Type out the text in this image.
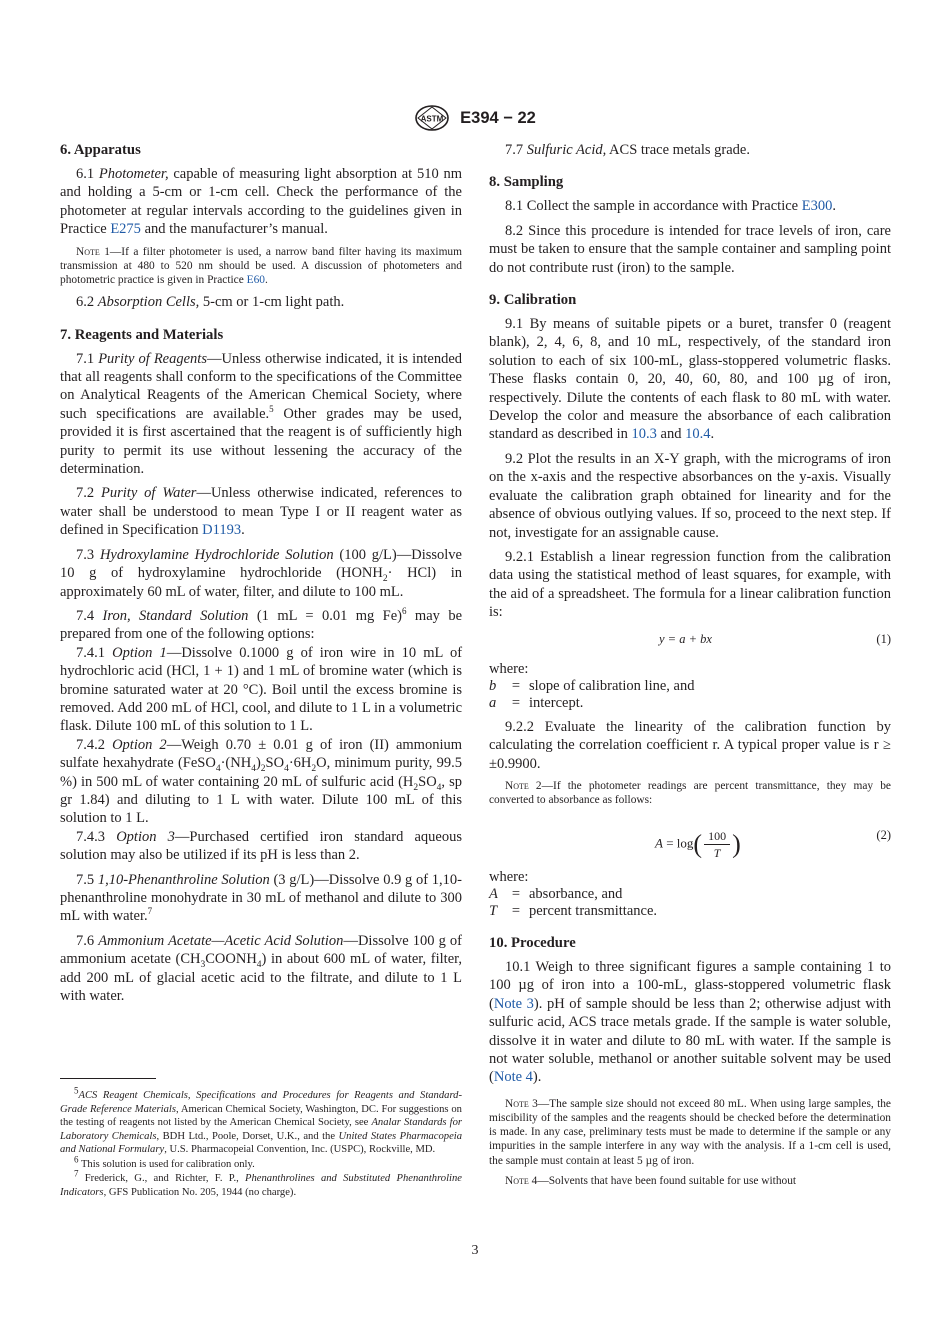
ASTM E394 − 22

6. Apparatus

6.1 Photometer, capable of measuring light absorption at 510 nm and holding a 5-cm or 1-cm cell. Check the performance of the photometer at regular intervals according to the guidelines given in Practice E275 and the manufacturer’s manual.

Note 1—If a filter photometer is used, a narrow band filter having its maximum transmission at 480 to 520 nm should be used. A discussion of photometers and photometric practice is given in Practice E60.

6.2 Absorption Cells, 5-cm or 1-cm light path.

7. Reagents and Materials

7.1 Purity of Reagents—Unless otherwise indicated, it is intended that all reagents shall conform to the specifications of the Committee on Analytical Reagents of the American Chemical Society, where such specifications are available.$^5$ Other grades may be used, provided it is first ascertained that the reagent is of sufficiently high purity to permit its use without lessening the accuracy of the determination.

7.2 Purity of Water—Unless otherwise indicated, references to water shall be understood to mean Type I or II reagent water as defined in Specification D1193.

7.3 Hydroxylamine Hydrochloride Solution (100 g/L)—Dissolve 10 g of hydroxylamine hydrochloride $(HONH_2\cdot HCl)$ in approximately 60 mL of water, filter, and dilute to 100 mL.

7.4 Iron, Standard Solution (1 mL = 0.01 mg Fe)$^6$ may be prepared from one of the following options:

7.4.1 Option 1—Dissolve 0.1000 g of iron wire in 10 mL of hydrochloric acid (HCl, 1 + 1) and 1 mL of bromine water (which is bromine saturated water at 20 °C). Boil until the excess bromine is removed. Add 200 mL of HCl, cool, and dilute to 1 L in a volumetric flask. Dilute 100 mL of this solution to 1 L.

7.4.2 Option 2—Weigh 0.70 ± 0.01 g of iron (II) ammonium sulfate hexahydrate ($FeSO_4\cdot(NH_4)_2SO_4\cdot 6H_2O$, minimum purity, 99.5 %) in 500 mL of water containing 20 mL of sulfuric acid ($H_2SO_4$, sp gr 1.84) and diluting to 1 L with water. Dilute 100 mL of this solution to 1 L.

7.4.3 Option 3—Purchased certified iron standard aqueous solution may also be utilized if its pH is less than 2.

7.5 1,10-Phenanthroline Solution (3 g/L)—Dissolve 0.9 g of 1,10-phenanthroline monohydrate in 30 mL of methanol and dilute to 300 mL with water.$^7$

7.6 Ammonium Acetate—Acetic Acid Solution—Dissolve 100 g of ammonium acetate $(CH_3COONH_4)$ in about 600 mL of water, filter, add 200 mL of glacial acetic acid to the filtrate, and dilute to 1 L with water.

$^5$ACS Reagent Chemicals, Specifications and Procedures for Reagents and Standard-Grade Reference Materials, American Chemical Society, Washington, DC. For suggestions on the testing of reagents not listed by the American Chemical Society, see Analar Standards for Laboratory Chemicals, BDH Ltd., Poole, Dorset, U.K., and the United States Pharmacopeia and National Formulary, U.S. Pharmacopeial Convention, Inc. (USPC), Rockville, MD.

$^6$ This solution is used for calibration only.

$^7$ Frederick, G., and Richter, F. P., Phenanthrolines and Substituted Phenanthroline Indicators, GFS Publication No. 205, 1944 (no charge).

7.7 Sulfuric Acid, ACS trace metals grade.

8. Sampling

8.1 Collect the sample in accordance with Practice E300.

8.2 Since this procedure is intended for trace levels of iron, care must be taken to ensure that the sample container and sampling point do not contribute rust (iron) to the sample.

9. Calibration

9.1 By means of suitable pipets or a buret, transfer 0 (reagent blank), 2, 4, 6, 8, and 10 mL, respectively, of the standard iron solution to each of six 100-mL, glass-stoppered volumetric flasks. These flasks contain 0, 20, 40, 60, 80, and 100 µg of iron, respectively. Dilute the contents of each flask to 80 mL with water. Develop the color and measure the absorbance of each calibration standard as described in 10.3 and 10.4.

9.2 Plot the results in an X-Y graph, with the micrograms of iron on the x-axis and the respective absorbances on the y-axis. Visually evaluate the calibration graph obtained for linearity and for the absence of obvious outlying values. If so, proceed to the next step. If not, investigate for an assignable cause.

9.2.1 Establish a linear regression function from the calibration data using the statistical method of least squares, for example, with the aid of a spreadsheet. The formula for a linear calibration function is:

y = a + bx	(1)

where:

b	= slope of calibration line, and
a	= intercept.

9.2.2 Evaluate the linearity of the calibration function by calculating the correlation coefficient r. A typical proper value is r ≥ ±0.9900.

Note 2—If the photometer readings are percent transmittance, they may be converted to absorbance as follows:

$A = \log( \frac{100}{T}$ )	(2)

where:

A = absorbance, and
T	= percent transmittance.

10. Procedure

10.1 Weigh to three significant figures a sample containing 1 to 100 µg of iron into a 100-mL, glass-stoppered volumetric flask (Note 3). pH of sample should be less than 2; otherwise adjust with sulfuric acid, ACS trace metals grade. If the sample is water soluble, dissolve it in water and dilute to 80 mL with water. If the sample is not water soluble, methanol or another suitable solvent may be used (Note 4).

Note 3—The sample size should not exceed 80 mL. When using large samples, the miscibility of the samples and the reagents should be checked before the determination is made. In any case, preliminary tests must be made to determine if the sample or any impurities in the sample interfere in any way with the analysis. If a 1-cm cell is used, the sample must contain at least 5 µg of iron.

Note 4—Solvents that have been found suitable for use without

3
